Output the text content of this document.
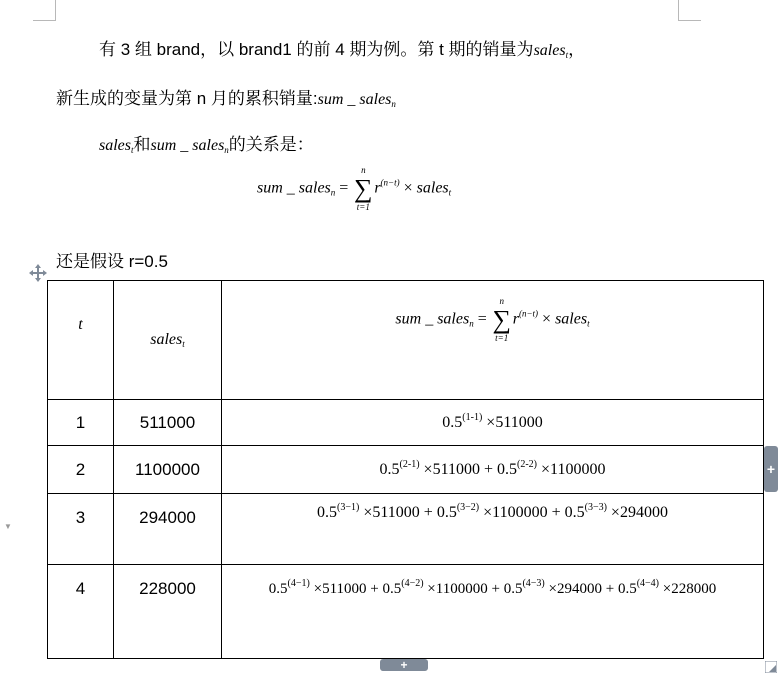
有 3 组 brand，以 brand1 的前 4 期为例。第 t 期的销量为sales$_t$，
新生成的变量为第 n 月的累积销量:sum _ sales$_n$
sales$_t$和sum _ sales$_n$的关系是：
sum _ sales$_n$ =
n
∑
t=1
$r^{(n-t)}$ × sales$_t$
还是假设 r=0.5
t	sales$_t$	sum _ sales$_n$ =
n
∑
t=1
$r^{(n-t)}$ × sales$_t$

1	511000	$0.5^{(1-1)} \times 511000$
2	1100000	$0.5^{(2-1)} \times 511000 + 0.5^{(2-2)} \times 1100000$
3	294000	$0.5^{(3-1)} \times 511000 + 0.5^{(3-2)} \times 1100000 + 0.5^{(3-3)} \times 294000$
4	228000	$0.5^{(4-1)} \times 511000 + 0.5^{(4-2)} \times 1100000 + 0.5^{(4-3)} \times 294000 + 0.5^{(4-4)} \times 228000$
+
+
▼
